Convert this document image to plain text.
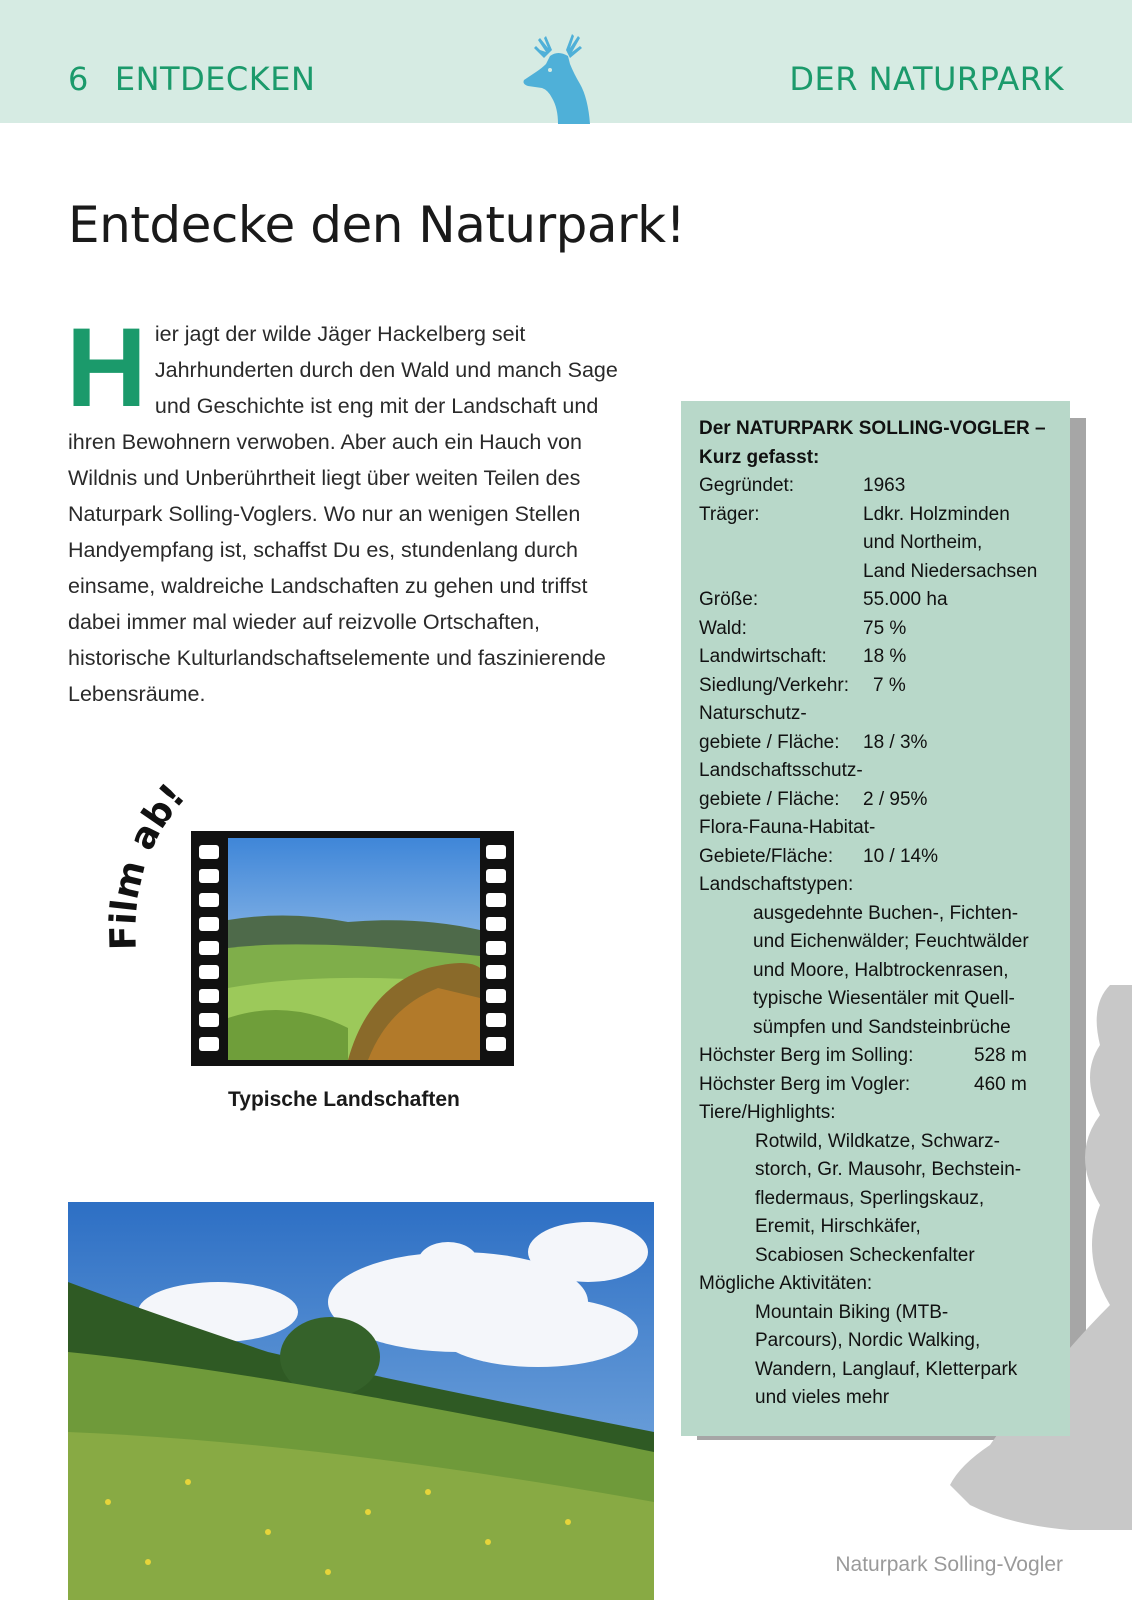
6 ENTDECKEN	DER NATURPARK
Entdecke den Naturpark!
Hier jagt der wilde Jäger Hackelberg seit Jahrhunderten durch den Wald und manch Sage und Geschichte ist eng mit der Landschaft und ihren Bewohnern verwoben. Aber auch ein Hauch von Wildnis und Unberührtheit liegt über weiten Teilen des Naturpark Solling-Voglers. Wo nur an wenigen Stellen Handyempfang ist, schaffst Du es, stundenlang durch einsame, waldreiche Landschaften zu gehen und triffst dabei immer mal wieder auf reizvolle Ortschaften, historische Kulturlandschaftselemente und faszinierende Lebensräume.
Film ab!
Typische Landschaften
Der NATURPARK SOLLING-VOGLER –
Kurz gefasst:
Gegründet:	1963
Träger:	Ldkr. Holzminden
und Northeim,

Land Niedersachsen

Größe:	55.000 ha
Wald:	75 %
Landwirtschaft: 18 %
Siedlung/Verkehr: 7 %
Naturschutz-
gebiete / Fläche: 18 / 3%
Landschaftsschutz-
gebiete / Fläche: 2 / 95%
Flora-Fauna-Habitat-
Gebiete/Fläche: 10 / 14%
Landschaftstypen:
ausgedehnte Buchen-, Fichten-
und Eichenwälder; Feuchtwälder
und Moore, Halbtrockenrasen,
typische Wiesentäler mit Quell-
sümpfen und Sandsteinbrüche
Höchster Berg im Solling:	528 m
Höchster Berg im Vogler:	460 m
Tiere/Highlights:
Rotwild, Wildkatze, Schwarz-
storch, Gr. Mausohr, Bechstein-
fledermaus, Sperlingskauz,
Eremit, Hirschkäfer,
Scabiosen Scheckenfalter
Mögliche Aktivitäten:
Mountain Biking (MTB-
Parcours), Nordic Walking,
Wandern, Langlauf, Kletterpark
und vieles mehr
Naturpark Solling-Vogler
